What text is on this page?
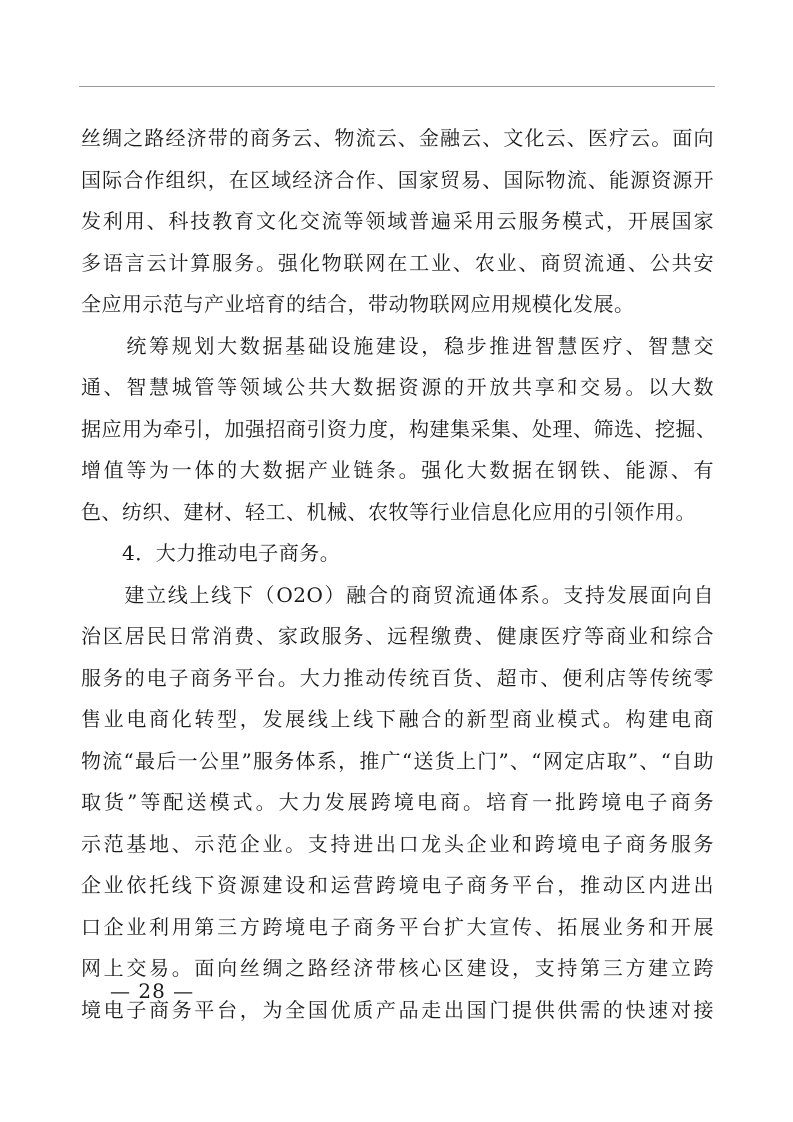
丝绸之路经济带的商务云、物流云、金融云、文化云、医疗云。面向
国际合作组织，在区域经济合作、国家贸易、国际物流、能源资源开
发利用、科技教育文化交流等领域普遍采用云服务模式，开展国家
多语言云计算服务。强化物联网在工业、农业、商贸流通、公共安
全应用示范与产业培育的结合，带动物联网应用规模化发展。
　　统筹规划大数据基础设施建设，稳步推进智慧医疗、智慧交
通、智慧城管等领域公共大数据资源的开放共享和交易。以大数
据应用为牵引，加强招商引资力度，构建集采集、处理、筛选、挖掘、
增值等为一体的大数据产业链条。强化大数据在钢铁、能源、有
色、纺织、建材、轻工、机械、农牧等行业信息化应用的引领作用。
　　4．大力推动电子商务。
　　建立线上线下（O2O）融合的商贸流通体系。支持发展面向自
治区居民日常消费、家政服务、远程缴费、健康医疗等商业和综合
服务的电子商务平台。大力推动传统百货、超市、便利店等传统零
售业电商化转型，发展线上线下融合的新型商业模式。构建电商
物流“最后一公里”服务体系，推广“送货上门”、“网定店取”、“自助
取货”等配送模式。大力发展跨境电商。培育一批跨境电子商务
示范基地、示范企业。支持进出口龙头企业和跨境电子商务服务
企业依托线下资源建设和运营跨境电子商务平台，推动区内进出
口企业利用第三方跨境电子商务平台扩大宣传、拓展业务和开展
网上交易。面向丝绸之路经济带核心区建设，支持第三方建立跨
境电子商务平台，为全国优质产品走出国门提供供需的快速对接
— 28 —
